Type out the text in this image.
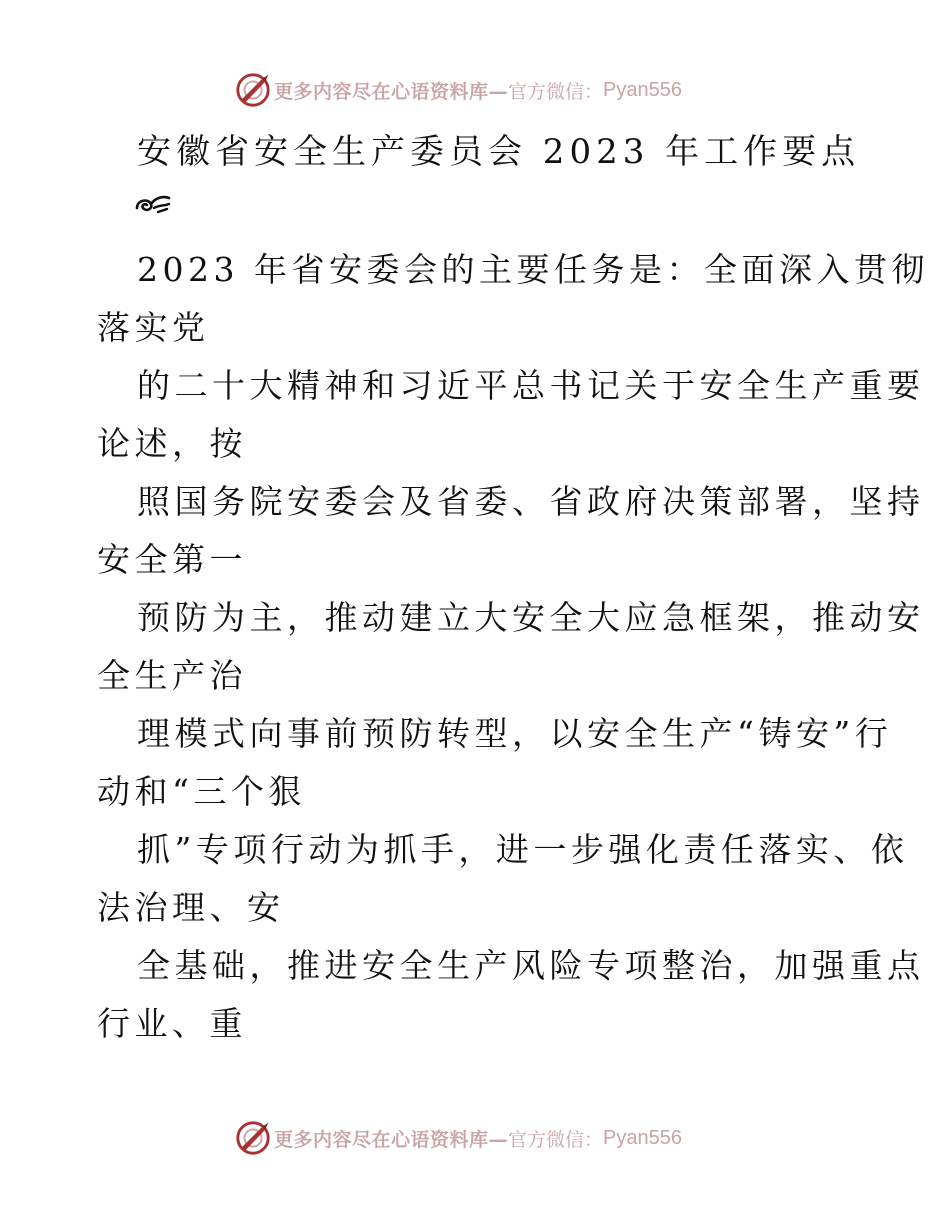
更多内容尽在心语资料库— 官方微信： Pyan556
安徽省安全生产委员会 2023 年工作要点
2023 年省安委会的主要任务是：全面深入贯彻
落实党
的二十大精神和习近平总书记关于安全生产重要
论述，按
照国务院安委会及省委、省政府决策部署，坚持
安全第一
预防为主，推动建立大安全大应急框架，推动安
全生产治
理模式向事前预防转型，以安全生产“铸安”行
动和“三个狠
抓”专项行动为抓手，进一步强化责任落实、依
法治理、安
全基础，推进安全生产风险专项整治，加强重点
行业、重
更多内容尽在心语资料库— 官方微信： Pyan556
